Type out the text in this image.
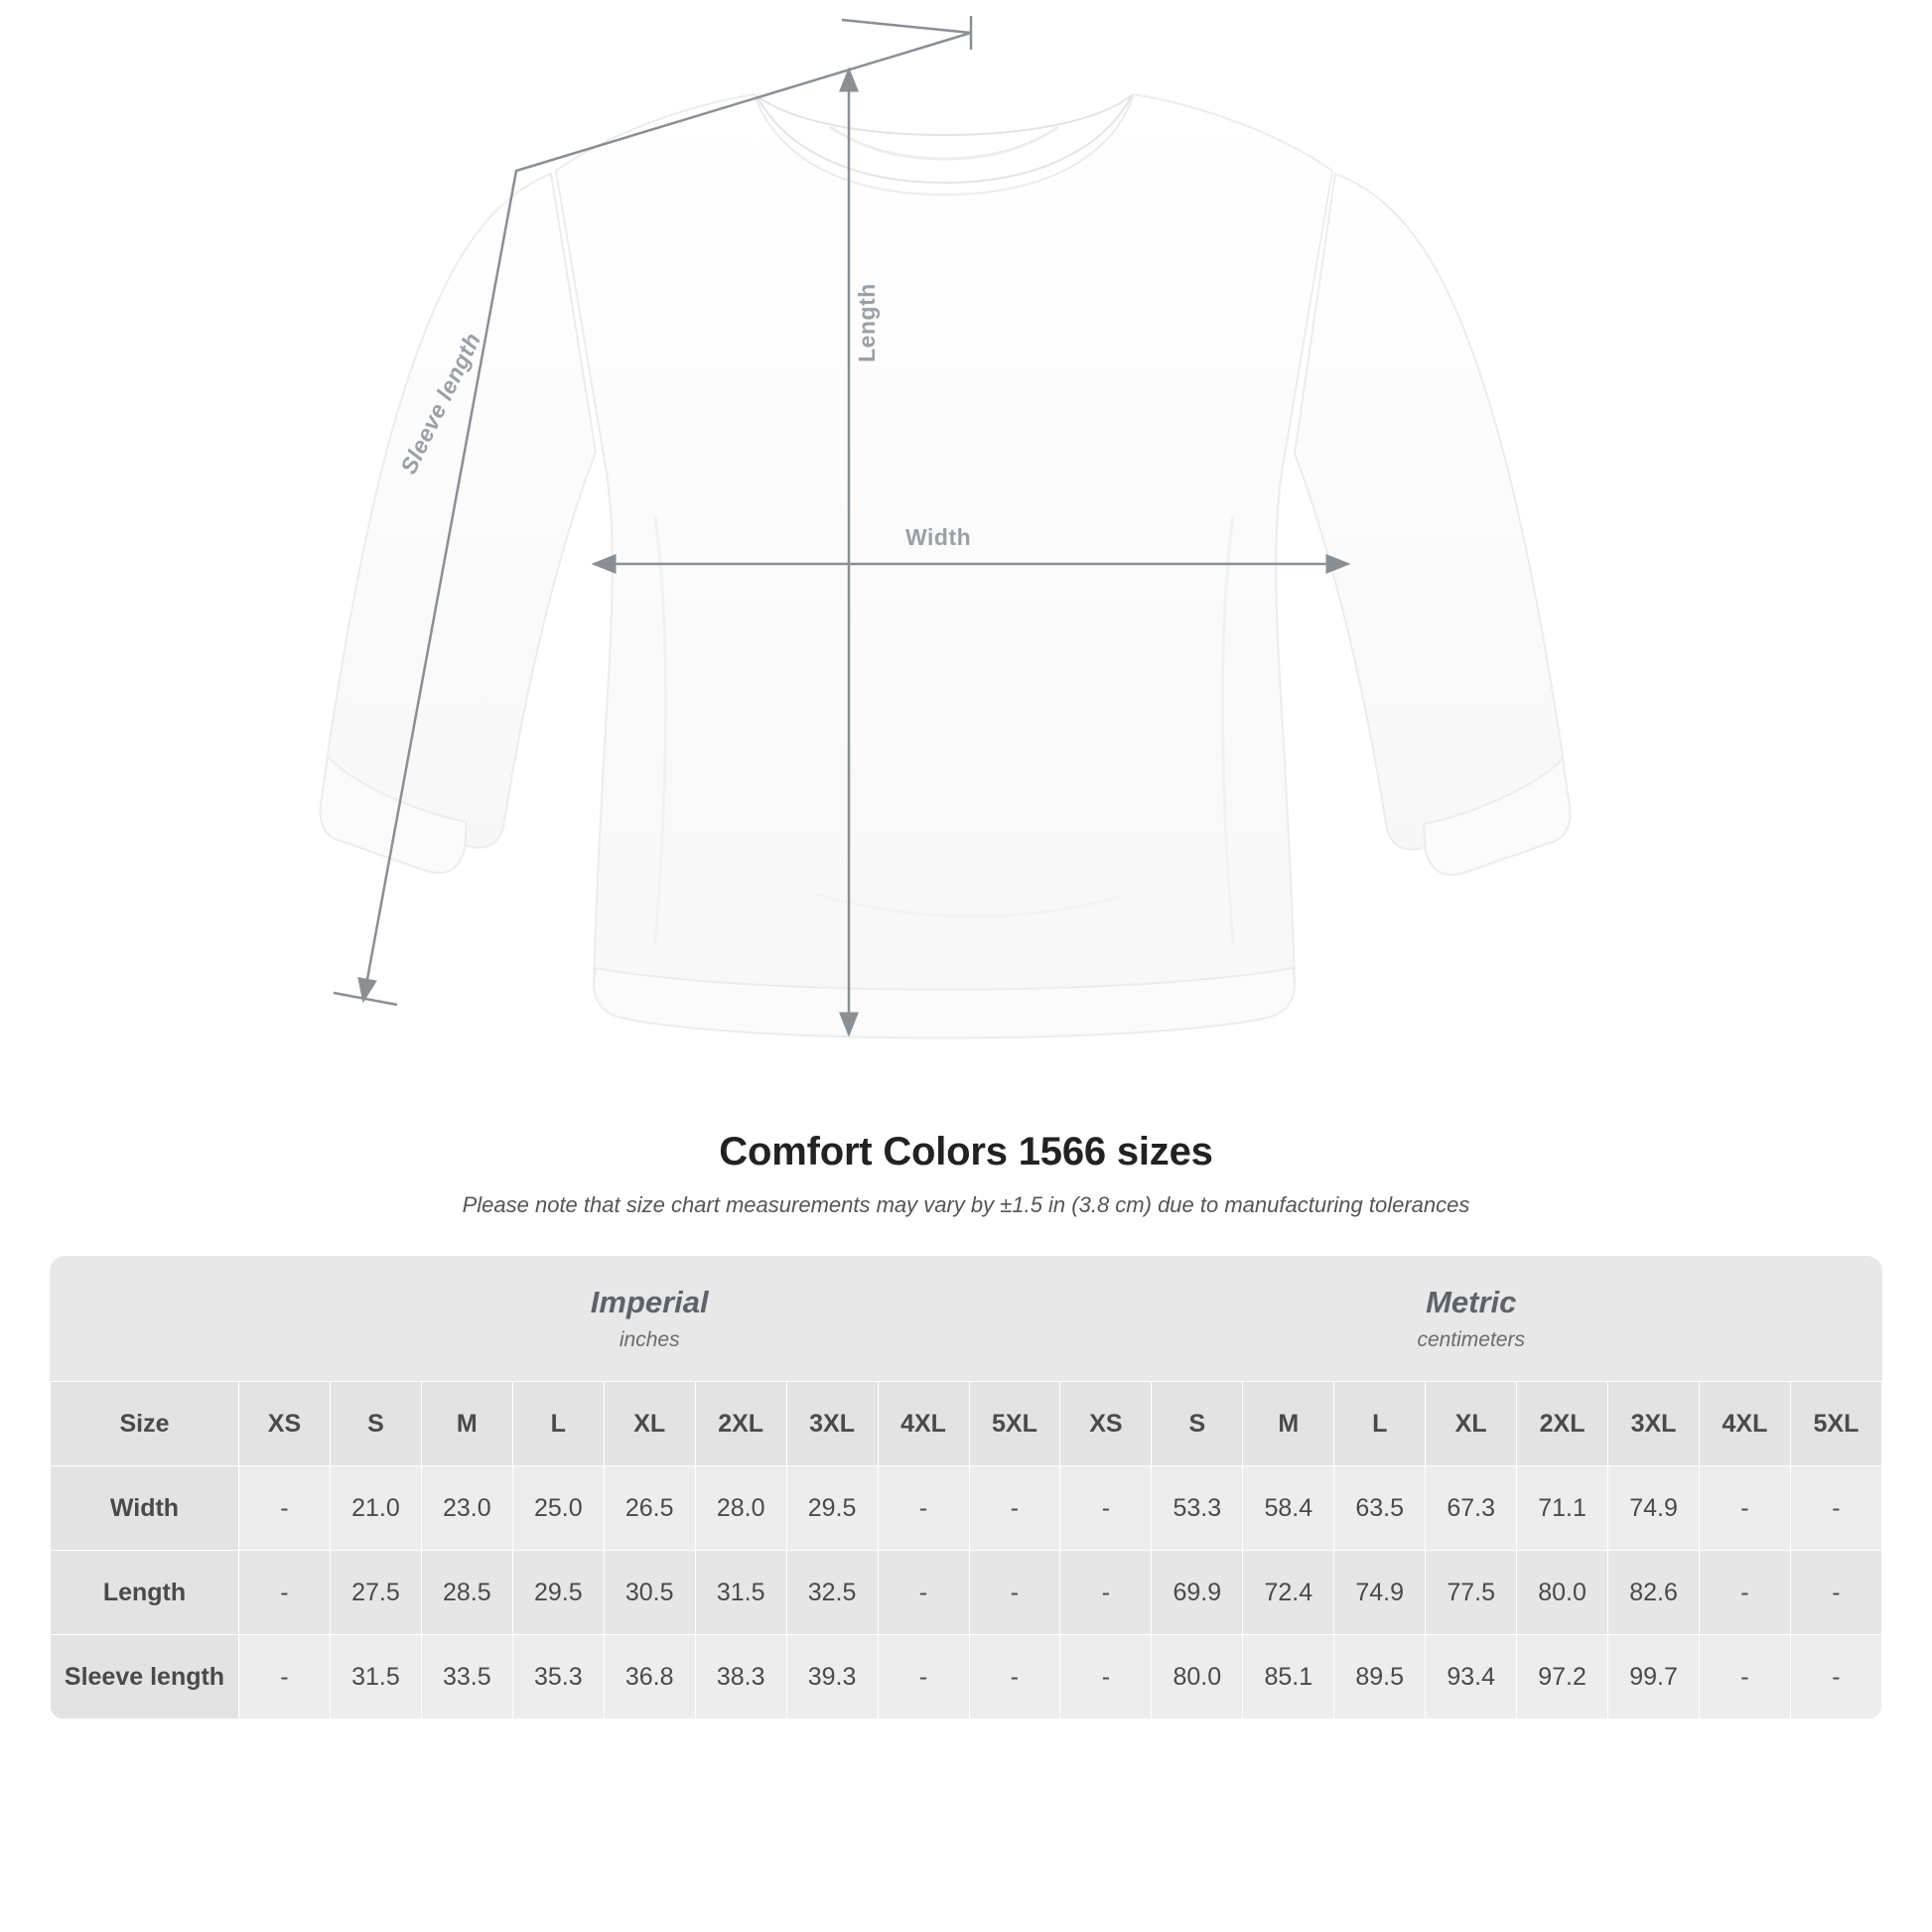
Width
Length
Sleeve length
Comfort Colors 1566 sizes
Please note that size chart measurements may vary by ±1.5 in (3.8 cm) due to manufacturing tolerances

Imperial
inches

Metric
centimeters

Size	XS	S	M	L	XL	2XL	3XL	4XL	5XL	XS	S	M	L	XL	2XL	3XL	4XL	5XL
Width	-	21.0	23.0	25.0	26.5	28.0	29.5	-	-	-	53.3	58.4	63.5	67.3	71.1	74.9	-	-
Length	-	27.5	28.5	29.5	30.5	31.5	32.5	-	-	-	69.9	72.4	74.9	77.5	80.0	82.6	-	-
Sleeve length	-	31.5	33.5	35.3	36.8	38.3	39.3	-	-	-	80.0	85.1	89.5	93.4	97.2	99.7	-	-
